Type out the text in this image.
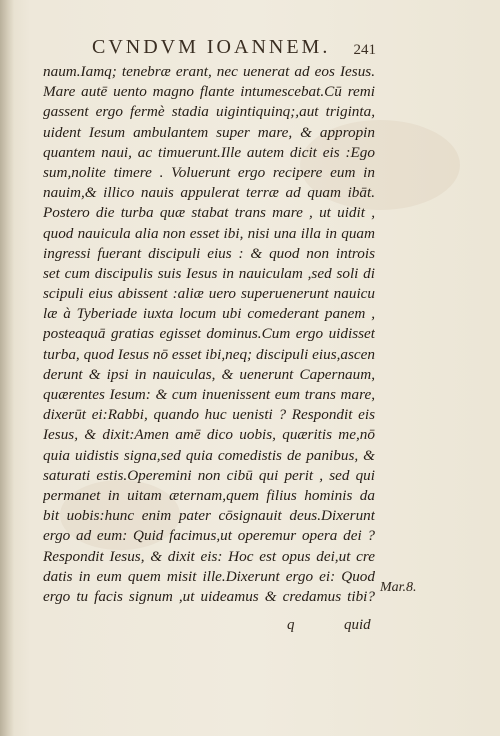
CVNDVM IOANNEM.	241
naum.Iamq; tenebræ erant, nec uenerat ad eos Iesus.
Mare autē uento magno flante intumescebat.Cū remi
gassent ergo fermè stadia uigintiquinq;,aut triginta,
uident Iesum ambulantem super mare, & appropin
quantem naui, ac timuerunt.Ille autem dicit eis :Ego
sum,nolite timere . Voluerunt ergo recipere eum in
nauim,& illico nauis appulerat terræ ad quam ibāt.
Postero die turba quæ stabat trans mare , ut uidit ,
quod nauicula alia non esset ibi, nisi una illa in quam
ingressi fuerant discipuli eius : & quod non introis
set cum discipulis suis Iesus in nauiculam ,sed soli di
scipuli eius abissent :aliæ uero superuenerunt nauicu
læ à Tyberiade iuxta locum ubi comederant panem ,
posteaquā gratias egisset dominus.Cum ergo uidisset
turba, quod Iesus nō esset ibi,neq; discipuli eius,ascen
derunt & ipsi in nauiculas, & uenerunt Capernaum,
quærentes Iesum: & cum inuenissent eum trans mare,
dixerūt ei:Rabbi, quando huc uenisti ? Respondit eis
Iesus, & dixit:Amen amē dico uobis, quæritis me,nō
quia uidistis signa,sed quia comedistis de panibus, &
saturati estis.Operemini non cibū qui perit , sed qui
permanet in uitam æternam,quem filius hominis da
bit uobis:hunc enim pater cōsignauit deus.Dixerunt
ergo ad eum: Quid facimus,ut operemur opera dei ?
Respondit Iesus, & dixit eis: Hoc est opus dei,ut cre
datis in eum quem misit ille.Dixerunt ergo ei: Quod
ergo tu facis signum ,ut uideamus & credamus tibi?
Mar.8.
q	quid
